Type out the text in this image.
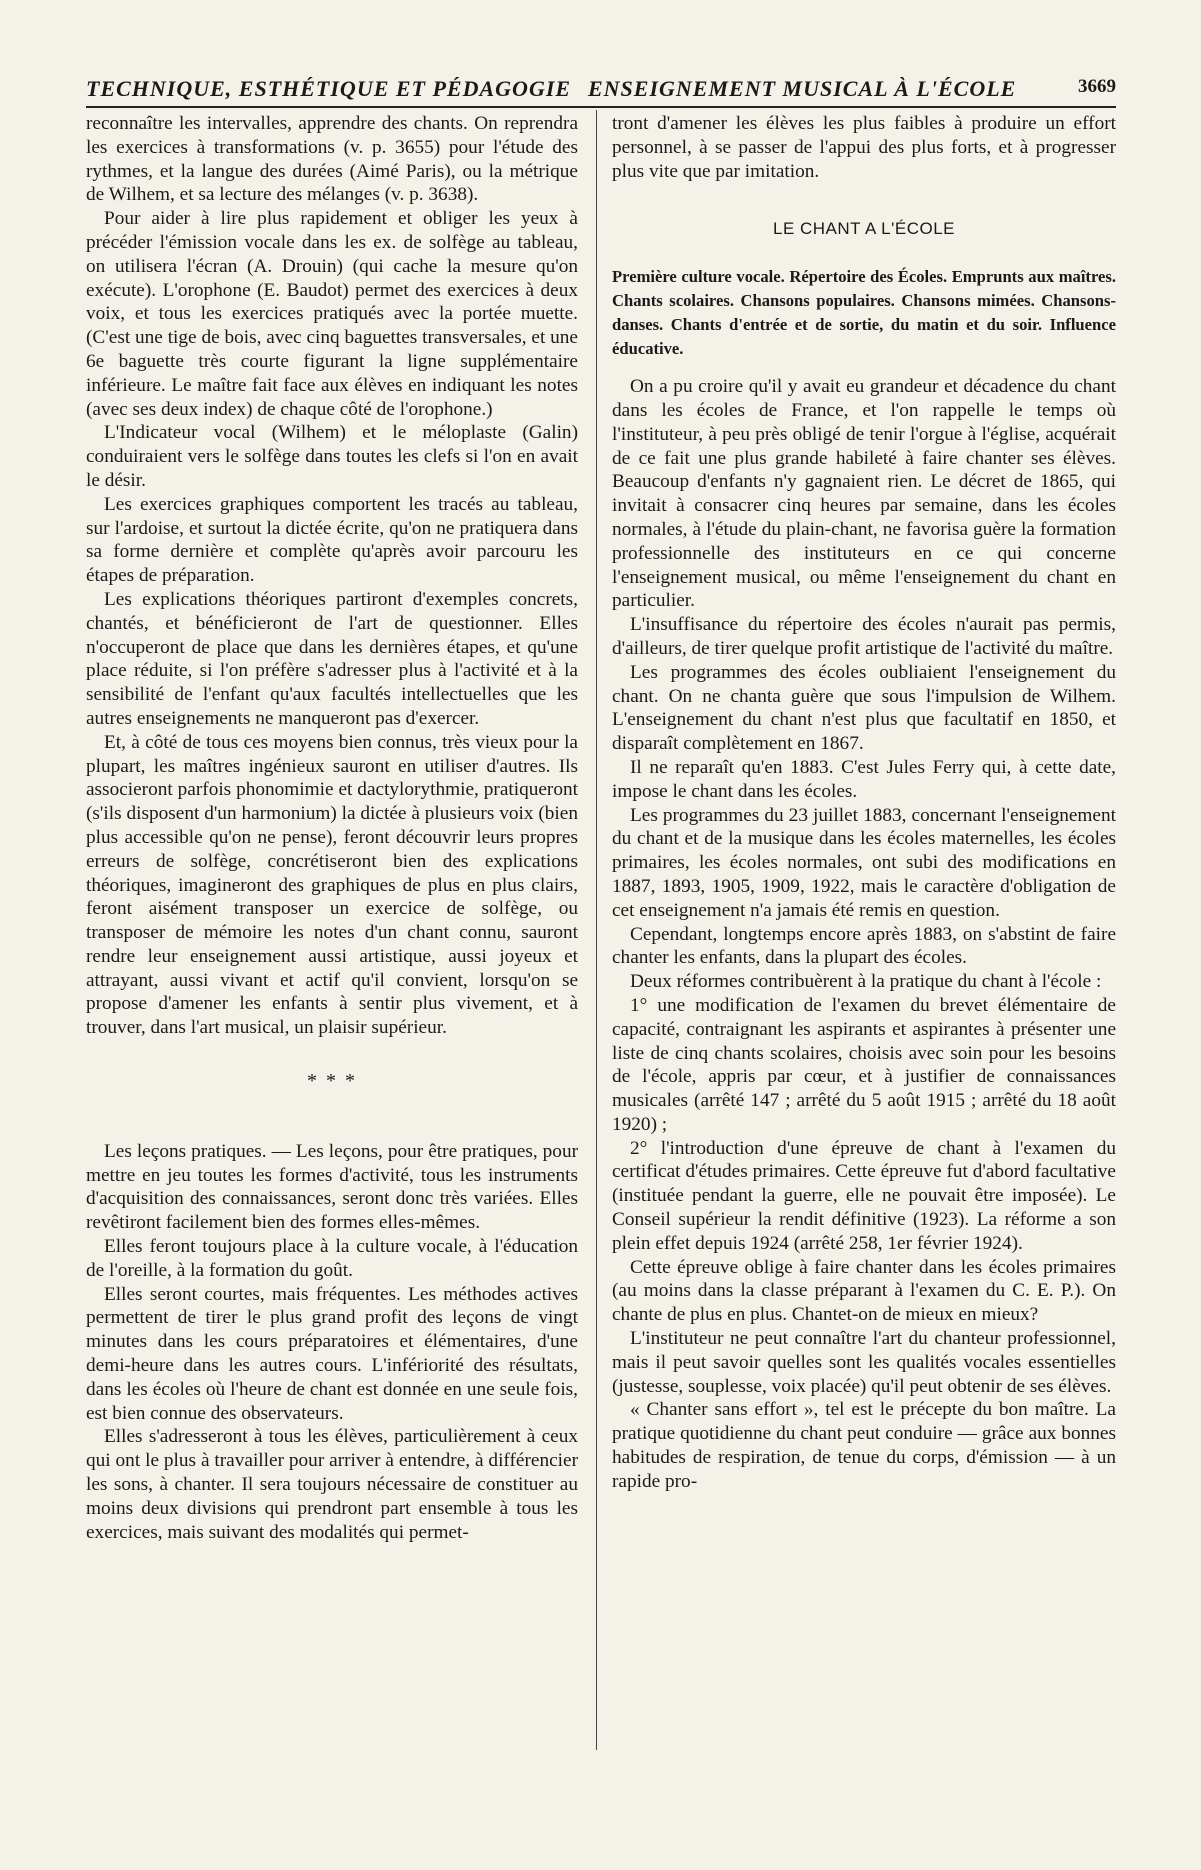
TECHNIQUE, ESTHÉTIQUE ET PÉDAGOGIE ENSEIGNEMENT MUSICAL À L'ÉCOLE	3669

reconnaître les intervalles, apprendre des chants. On reprendra les exercices à transformations (v. p. 3655) pour l'étude des rythmes, et la langue des durées (Aimé Paris), ou la métrique de Wilhem, et sa lecture des mélanges (v. p. 3638).

Pour aider à lire plus rapidement et obliger les yeux à précéder l'émission vocale dans les ex. de solfège au tableau, on utilisera l'écran (A. Drouin) (qui cache la mesure qu'on exécute). L'orophone (E. Baudot) permet des exercices à deux voix, et tous les exercices pratiqués avec la portée muette. (C'est une tige de bois, avec cinq baguettes transversales, et une 6e baguette très courte figurant la ligne supplémentaire inférieure. Le maître fait face aux élèves en indiquant les notes (avec ses deux index) de chaque côté de l'orophone.)

L'Indicateur vocal (Wilhem) et le méloplaste (Galin) conduiraient vers le solfège dans toutes les clefs si l'on en avait le désir.

Les exercices graphiques comportent les tracés au tableau, sur l'ardoise, et surtout la dictée écrite, qu'on ne pratiquera dans sa forme dernière et complète qu'après avoir parcouru les étapes de préparation.

Les explications théoriques partiront d'exemples concrets, chantés, et bénéficieront de l'art de questionner. Elles n'occuperont de place que dans les dernières étapes, et qu'une place réduite, si l'on préfère s'adresser plus à l'activité et à la sensibilité de l'enfant qu'aux facultés intellectuelles que les autres enseignements ne manqueront pas d'exercer.

Et, à côté de tous ces moyens bien connus, très vieux pour la plupart, les maîtres ingénieux sauront en utiliser d'autres. Ils associeront parfois phonomimie et dactylorythmie, pratiqueront (s'ils disposent d'un harmonium) la dictée à plusieurs voix (bien plus accessible qu'on ne pense), feront découvrir leurs propres erreurs de solfège, concrétiseront bien des explications théoriques, imagineront des graphiques de plus en plus clairs, feront aisément transposer un exercice de solfège, ou transposer de mémoire les notes d'un chant connu, sauront rendre leur enseignement aussi artistique, aussi joyeux et attrayant, aussi vivant et actif qu'il convient, lorsqu'on se propose d'amener les enfants à sentir plus vivement, et à trouver, dans l'art musical, un plaisir supérieur.

* * *

Les leçons pratiques. — Les leçons, pour être pratiques, pour mettre en jeu toutes les formes d'activité, tous les instruments d'acquisition des connaissances, seront donc très variées. Elles revêtiront facilement bien des formes elles-mêmes.

Elles feront toujours place à la culture vocale, à l'éducation de l'oreille, à la formation du goût.

Elles seront courtes, mais fréquentes. Les méthodes actives permettent de tirer le plus grand profit des leçons de vingt minutes dans les cours préparatoires et élémentaires, d'une demi-heure dans les autres cours. L'infériorité des résultats, dans les écoles où l'heure de chant est donnée en une seule fois, est bien connue des observateurs.

Elles s'adresseront à tous les élèves, particulièrement à ceux qui ont le plus à travailler pour arriver à entendre, à différencier les sons, à chanter. Il sera toujours nécessaire de constituer au moins deux divisions qui prendront part ensemble à tous les exercices, mais suivant des modalités qui permet-

tront d'amener les élèves les plus faibles à produire un effort personnel, à se passer de l'appui des plus forts, et à progresser plus vite que par imitation.

LE CHANT A L'ÉCOLE

Première culture vocale. Répertoire des Écoles. Emprunts aux maîtres. Chants scolaires. Chansons populaires. Chansons mimées. Chansons-danses. Chants d'entrée et de sortie, du matin et du soir. Influence éducative.

On a pu croire qu'il y avait eu grandeur et décadence du chant dans les écoles de France, et l'on rappelle le temps où l'instituteur, à peu près obligé de tenir l'orgue à l'église, acquérait de ce fait une plus grande habileté à faire chanter ses élèves. Beaucoup d'enfants n'y gagnaient rien. Le décret de 1865, qui invitait à consacrer cinq heures par semaine, dans les écoles normales, à l'étude du plain-chant, ne favorisa guère la formation professionnelle des instituteurs en ce qui concerne l'enseignement musical, ou même l'enseignement du chant en particulier.

L'insuffisance du répertoire des écoles n'aurait pas permis, d'ailleurs, de tirer quelque profit artistique de l'activité du maître.

Les programmes des écoles oubliaient l'enseignement du chant. On ne chanta guère que sous l'impulsion de Wilhem. L'enseignement du chant n'est plus que facultatif en 1850, et disparaît complètement en 1867.

Il ne reparaît qu'en 1883. C'est Jules Ferry qui, à cette date, impose le chant dans les écoles.

Les programmes du 23 juillet 1883, concernant l'enseignement du chant et de la musique dans les écoles maternelles, les écoles primaires, les écoles normales, ont subi des modifications en 1887, 1893, 1905, 1909, 1922, mais le caractère d'obligation de cet enseignement n'a jamais été remis en question.

Cependant, longtemps encore après 1883, on s'abstint de faire chanter les enfants, dans la plupart des écoles.

Deux réformes contribuèrent à la pratique du chant à l'école :

1° une modification de l'examen du brevet élémentaire de capacité, contraignant les aspirants et aspirantes à présenter une liste de cinq chants scolaires, choisis avec soin pour les besoins de l'école, appris par cœur, et à justifier de connaissances musicales (arrêté 147 ; arrêté du 5 août 1915 ; arrêté du 18 août 1920) ;

2° l'introduction d'une épreuve de chant à l'examen du certificat d'études primaires. Cette épreuve fut d'abord facultative (instituée pendant la guerre, elle ne pouvait être imposée). Le Conseil supérieur la rendit définitive (1923). La réforme a son plein effet depuis 1924 (arrêté 258, 1er février 1924).

Cette épreuve oblige à faire chanter dans les écoles primaires (au moins dans la classe préparant à l'examen du C. E. P.). On chante de plus en plus. Chantet-on de mieux en mieux?

L'instituteur ne peut connaître l'art du chanteur professionnel, mais il peut savoir quelles sont les qualités vocales essentielles (justesse, souplesse, voix placée) qu'il peut obtenir de ses élèves.

« Chanter sans effort », tel est le précepte du bon maître. La pratique quotidienne du chant peut conduire — grâce aux bonnes habitudes de respiration, de tenue du corps, d'émission — à un rapide pro-
